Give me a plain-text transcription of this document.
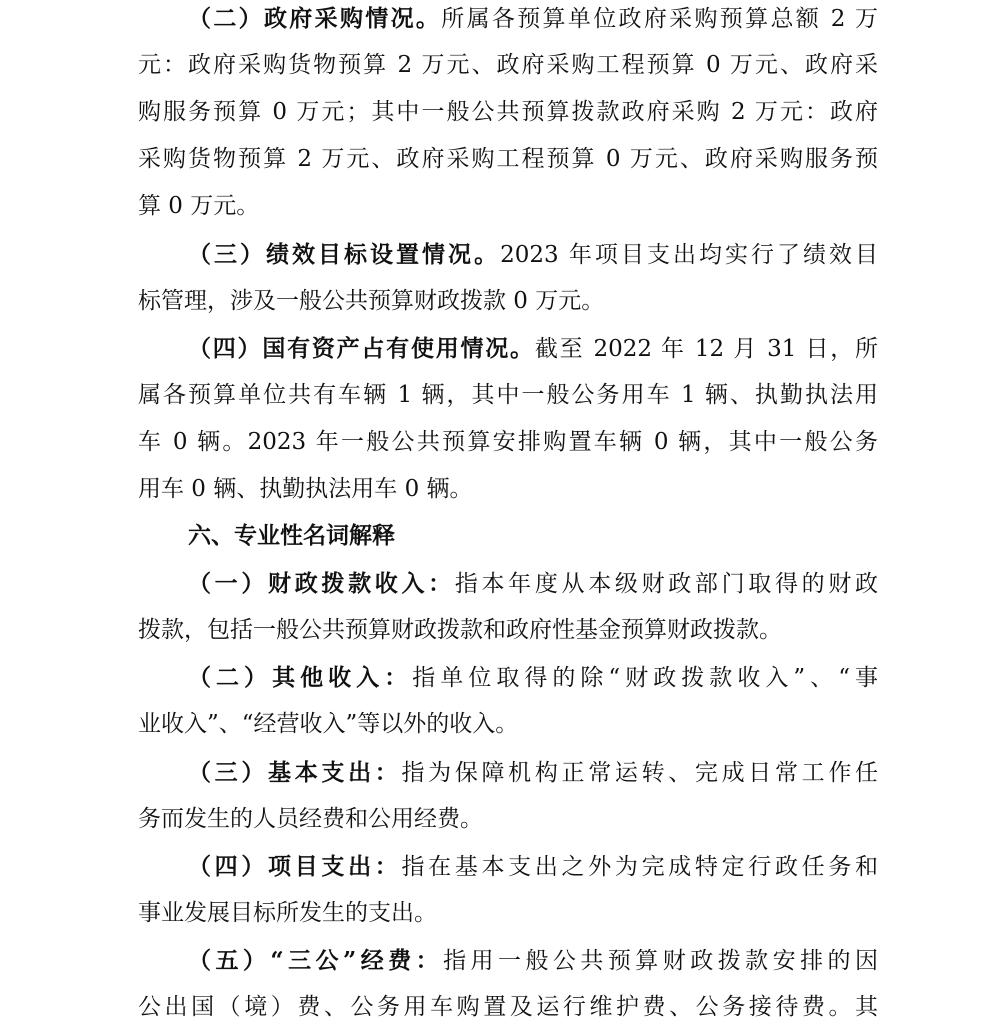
（二）政府采购情况。所属各预算单位政府采购预算总额 2 万
元：政府采购货物预算 2 万元、政府采购工程预算 0 万元、政府采
购服务预算 0 万元；其中一般公共预算拨款政府采购 2 万元：政府
采购货物预算 2 万元、政府采购工程预算 0 万元、政府采购服务预
算 0 万元。
（三）绩效目标设置情况。2023 年项目支出均实行了绩效目
标管理，涉及一般公共预算财政拨款 0 万元。
（四）国有资产占有使用情况。截至 2022 年 12 月 31 日，所
属各预算单位共有车辆 1 辆，其中一般公务用车 1 辆、执勤执法用
车 0 辆。2023 年一般公共预算安排购置车辆 0 辆，其中一般公务
用车 0 辆、执勤执法用车 0 辆。
六、专业性名词解释
（一）财政拨款收入：指本年度从本级财政部门取得的财政
拨款，包括一般公共预算财政拨款和政府性基金预算财政拨款。
（二）其他收入：指单位取得的除“财政拨款收入”、“事
业收入”、“经营收入”等以外的收入。
（三）基本支出：指为保障机构正常运转、完成日常工作任
务而发生的人员经费和公用经费。
（四）项目支出：指在基本支出之外为完成特定行政任务和
事业发展目标所发生的支出。
（五）“三公”经费：指用一般公共预算财政拨款安排的因
公出国（境）费、公务用车购置及运行维护费、公务接待费。其
